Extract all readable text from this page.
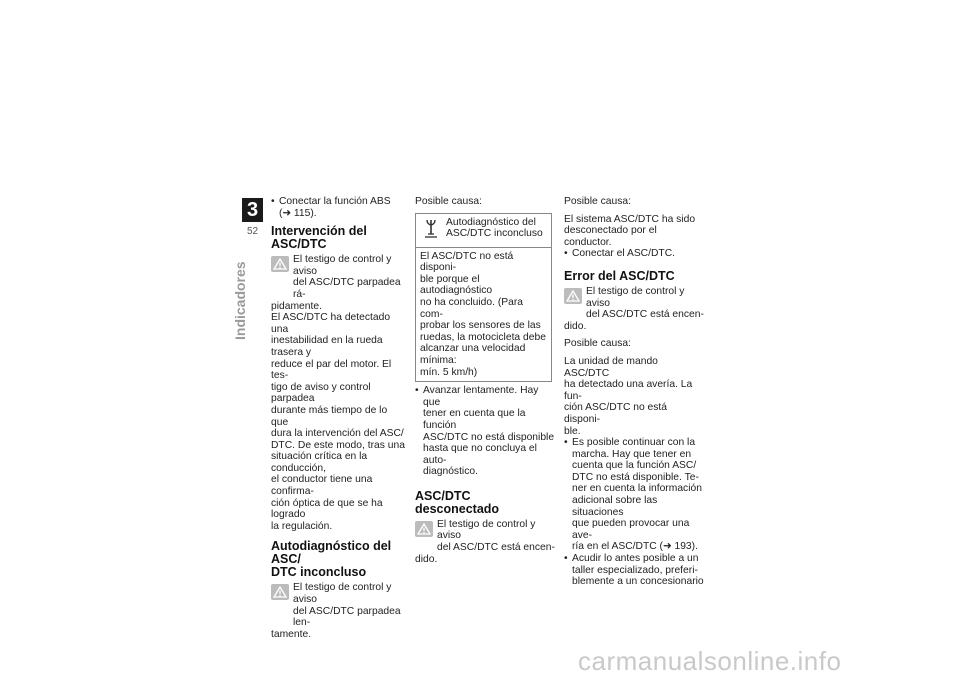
3
52
Indicadores

• Conectar la función ABS
(➜ 115).

Intervención del ASC/DTC

El testigo de control y aviso

del ASC/DTC parpadea rá-

pidamente.

El ASC/DTC ha detectado una

inestabilidad en la rueda trasera y

reduce el par del motor. El tes-

tigo de aviso y control parpadea

durante más tiempo de lo que

dura la intervención del ASC/

DTC. De este modo, tras una

situación crítica en la conducción,

el conductor tiene una confirma-

ción óptica de que se ha logrado

la regulación.

Autodiagnóstico del ASC/
DTC inconcluso

El testigo de control y aviso

del ASC/DTC parpadea len-

tamente.

Posible causa:

Autodiagnóstico del

ASC/DTC inconcluso

El ASC/DTC no está disponi-

ble porque el autodiagnóstico

no ha concluido. (Para com-

probar los sensores de las

ruedas, la motocicleta debe

alcanzar una velocidad mínima:

mín. 5 km/h)

• Avanzar lentamente. Hay que

tener en cuenta que la función

ASC/DTC no está disponible

hasta que no concluya el auto-

diagnóstico.

ASC/DTC desconectado

El testigo de control y aviso

del ASC/DTC está encen-

dido.

Posible causa:

El sistema ASC/DTC ha sido

desconectado por el conductor.

• Conectar el ASC/DTC.

Error del ASC/DTC

El testigo de control y aviso

del ASC/DTC está encen-

dido.

Posible causa:

La unidad de mando ASC/DTC

ha detectado una avería. La fun-

ción ASC/DTC no está disponi-

ble.

• Es posible continuar con la

marcha. Hay que tener en

cuenta que la función ASC/

DTC no está disponible. Te-

ner en cuenta la información

adicional sobre las situaciones

que pueden provocar una ave-

ría en el ASC/DTC (➜ 193).

• Acudir lo antes posible a un

taller especializado, preferi-

blemente a un concesionario

carmanualsonline.info
